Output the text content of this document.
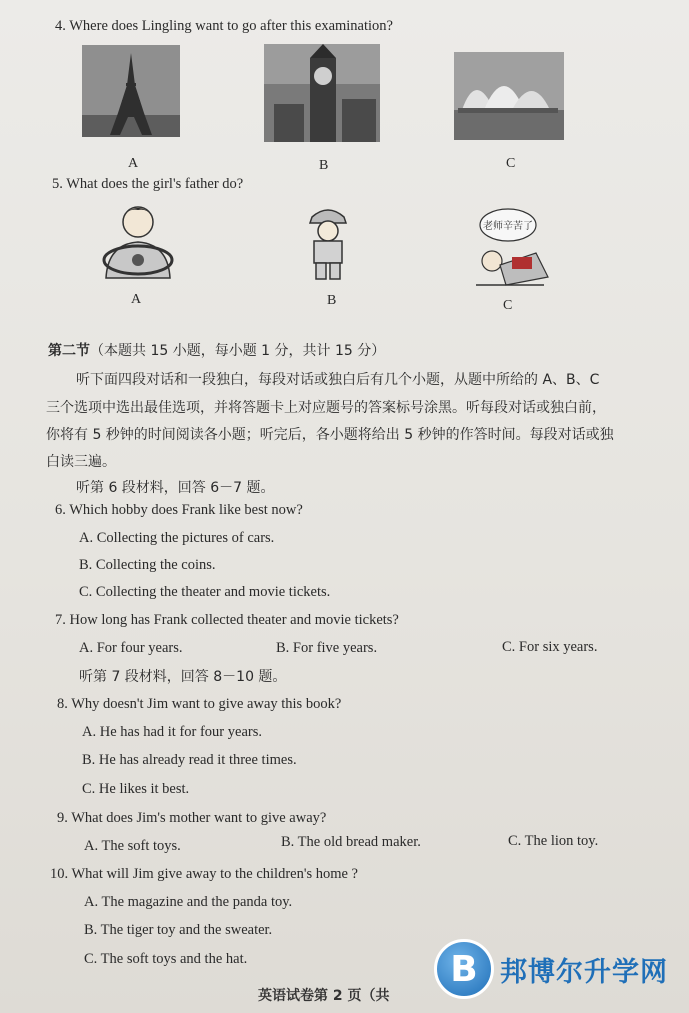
4. Where does Lingling want to go after this examination?
A	B	C
5. What does the girl's father do?
A	B
老师辛苦了
C
第二节（本题共 15 小题，每小题 1 分，共计 15 分）
听下面四段对话和一段独白，每段对话或独白后有几个小题，从题中所给的 A、B、C
三个选项中选出最佳选项，并将答题卡上对应题号的答案标号涂黑。听每段对话或独白前，
你将有 5 秒钟的时间阅读各小题；听完后，各小题将给出 5 秒钟的作答时间。每段对话或独
白读三遍。
听第 6 段材料，回答 6－7 题。
6. Which hobby does Frank like best now?
A. Collecting the pictures of cars.
B. Collecting the coins.
C. Collecting the theater and movie tickets.
7. How long has Frank collected theater and movie tickets?
A. For four years.	B. For five years.	C. For six years.
听第 7 段材料，回答 8－10 题。
8. Why doesn't Jim want to give away this book?
A. He has had it for four years.
B. He has already read it three times.
C. He likes it best.
9. What does Jim's mother want to give away?
A. The soft toys.	B. The old bread maker.	C. The lion toy.
10. What will Jim give away to the children's home ?
A. The magazine and the panda toy.
B. The tiger toy and the sweater.
C. The soft toys and the hat.
英语试卷第 2 页（共
B 邦博尔升学网
